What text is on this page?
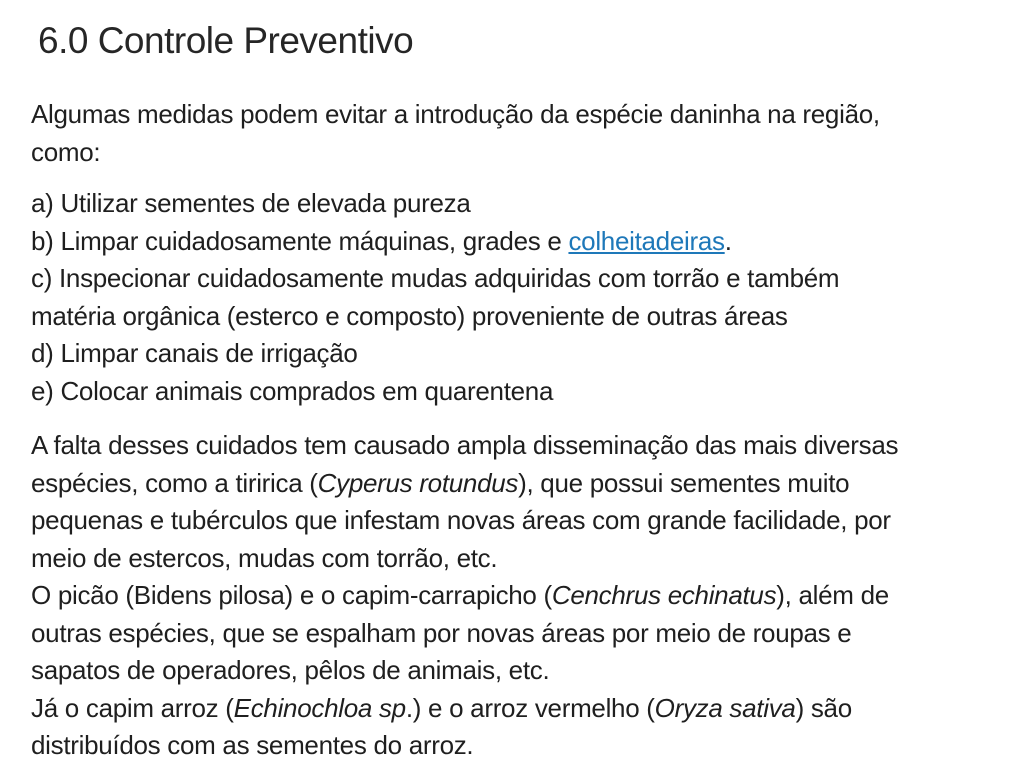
6.0 Controle Preventivo
Algumas medidas podem evitar a introdução da espécie daninha na região,
como:
a) Utilizar sementes de elevada pureza
b) Limpar cuidadosamente máquinas, grades e colheitadeiras.
c) Inspecionar cuidadosamente mudas adquiridas com torrão e também
matéria orgânica (esterco e composto) proveniente de outras áreas
d) Limpar canais de irrigação
e) Colocar animais comprados em quarentena
A falta desses cuidados tem causado ampla disseminação das mais diversas
espécies, como a tiririca (Cyperus rotundus), que possui sementes muito
pequenas e tubérculos que infestam novas áreas com grande facilidade, por
meio de estercos, mudas com torrão, etc.
O picão (Bidens pilosa) e o capim-carrapicho (Cenchrus echinatus), além de
outras espécies, que se espalham por novas áreas por meio de roupas e
sapatos de operadores, pêlos de animais, etc.
Já o capim arroz (Echinochloa sp.) e o arroz vermelho (Oryza sativa) são
distribuídos com as sementes do arroz.
